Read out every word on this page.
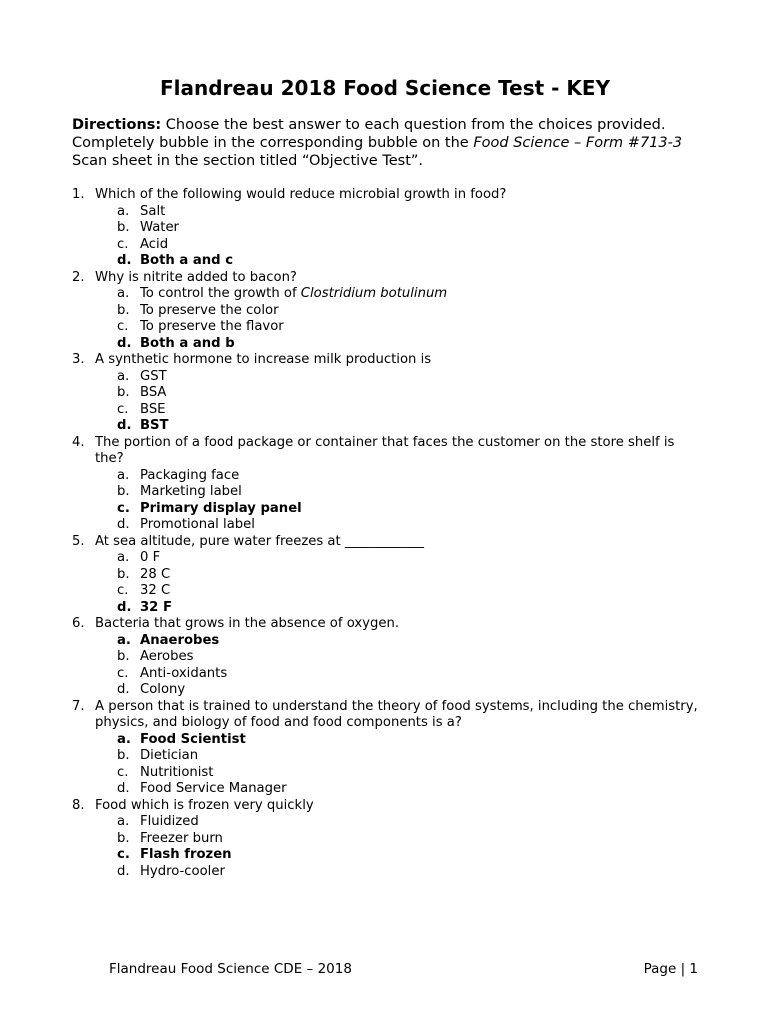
Flandreau 2018 Food Science Test - KEY
Directions: Choose the best answer to each question from the choices provided. Completely bubble in the corresponding bubble on the Food Science – Form #713-3 Scan sheet in the section titled “Objective Test”.
1. Which of the following would reduce microbial growth in food?
a. Salt
b. Water
c. Acid
d. Both a and c
2. Why is nitrite added to bacon?
a. To control the growth of Clostridium botulinum
b. To preserve the color
c. To preserve the flavor
d. Both a and b
3. A synthetic hormone to increase milk production is
a. GST
b. BSA
c. BSE
d. BST
4. The portion of a food package or container that faces the customer on the store shelf is the?
a. Packaging face
b. Marketing label
c. Primary display panel
d. Promotional label
5. At sea altitude, pure water freezes at ____________
a. 0 F
b. 28 C
c. 32 C
d. 32 F
6. Bacteria that grows in the absence of oxygen.
a. Anaerobes
b. Aerobes
c. Anti-oxidants
d. Colony
7. A person that is trained to understand the theory of food systems, including the chemistry, physics, and biology of food and food components is a?
a. Food Scientist
b. Dietician
c. Nutritionist
d. Food Service Manager
8. Food which is frozen very quickly
a. Fluidized
b. Freezer burn
c. Flash frozen
d. Hydro-cooler
Flandreau Food Science CDE – 2018	Page | 1
